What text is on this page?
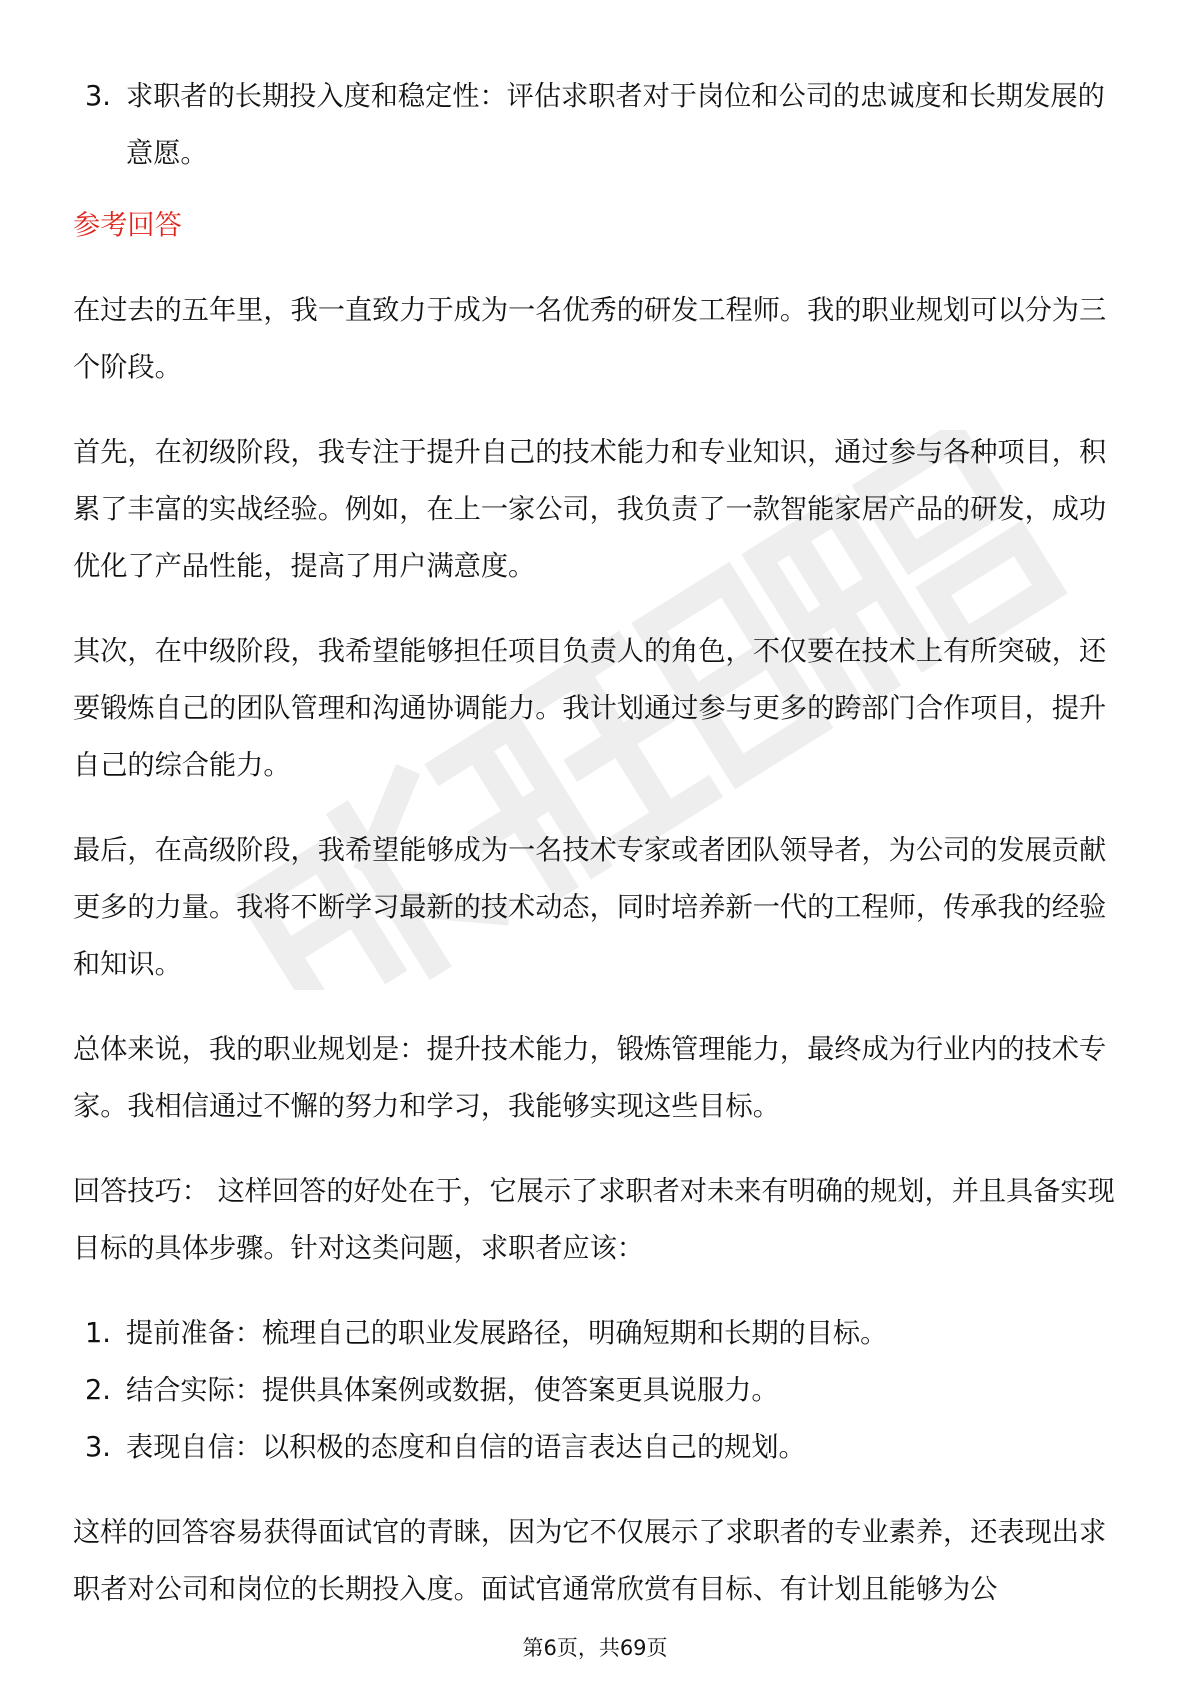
3. 求职者的长期投入度和稳定性：评估求职者对于岗位和公司的忠诚度和长期发展的意愿。
参考回答

在过去的五年里，我一直致力于成为一名优秀的研发工程师。我的职业规划可以分为三个阶段。

首先，在初级阶段，我专注于提升自己的技术能力和专业知识，通过参与各种项目，积累了丰富的实战经验。例如，在上一家公司，我负责了一款智能家居产品的研发，成功优化了产品性能，提高了用户满意度。

其次，在中级阶段，我希望能够担任项目负责人的角色，不仅要在技术上有所突破，还要锻炼自己的团队管理和沟通协调能力。我计划通过参与更多的跨部门合作项目，提升自己的综合能力。

最后，在高级阶段，我希望能够成为一名技术专家或者团队领导者，为公司的发展贡献更多的力量。我将不断学习最新的技术动态，同时培养新一代的工程师，传承我的经验和知识。

总体来说，我的职业规划是：提升技术能力，锻炼管理能力，最终成为行业内的技术专家。我相信通过不懈的努力和学习，我能够实现这些目标。

回答技巧： 这样回答的好处在于，它展示了求职者对未来有明确的规划，并且具备实现目标的具体步骤。针对这类问题，求职者应该：

1. 提前准备：梳理自己的职业发展路径，明确短期和长期的目标。
2. 结合实际：提供具体案例或数据，使答案更具说服力。
3. 表现自信：以积极的态度和自信的语言表达自己的规划。

这样的回答容易获得面试官的青睐，因为它不仅展示了求职者的专业素养，还表现出求职者对公司和岗位的长期投入度。面试官通常欣赏有目标、有计划且能够为公

第6页，共69页
